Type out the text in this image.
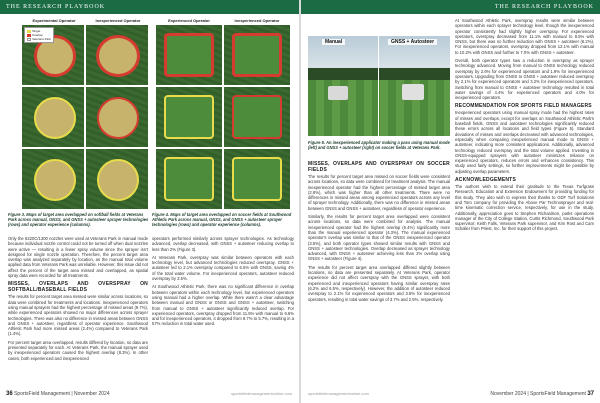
THE RESEARCH PLAYBOOK	THE RESEARCH PLAYBOOK
Experimental Operator	Inexperienced Operator
Target
Overlap
Veterans Park
Figure 3. Maps of target area overlapped on softball fields at Veterans Park across manual, GNSS, and GNSS + autosteer sprayer technologies (rows) and operator experience (columns).
Experienced Operator	Inexperienced Operator
Figure 4. Maps of target area overlapped on soccer fields at Southwood Athletic Park across manual, GNSS, and GNSS + autosteer sprayer technologies (rows) and operator experience (columns).

Only the 6220C/1300 nozzles were used at Veterans Park in manual mode because individual nozzle control could not be turned off when dual nozzles were active — resulting in a fewer spray volume since the sprayer isn't designed for single nozzle operation. Therefore, the percent target area overlap was analyzed separately by location, as the manual total volume applied data from Veterans Park was unreliable. However, this issue did not affect the percent of the target area missed and overlapped, as spatial spray data were recorded for all treatments.

MISSES, OVERLAPS AND OVERSPRAY ON SOFTBALL/BASEBALL FIELDS

The results for percent target area missed were similar across locations, so data were combined for treatments and locations. Inexperienced operators using manual sprayers had the highest percentage of missed areas (9.7%), while experienced operators showed no major differences across sprayer technologies. There was also no difference in missed areas between GNSS and GNSS + autosteer, regardless of operator experience. Southwood Athletic Park had more missed areas (2.4%) compared to Veterans Park (1.4%).

For percent target area overlapped, results differed by location, so data are presented separately for each. At Veterans Park, the manual sprayer used by inexperienced operators caused the highest overlap (8.3%). In other cases, both experienced and inexperienced

operators performed similarly across sprayer technologies. As technology advanced, overlap decreased, with GNSS + autosteer reducing overlap to less than 2% (Figure 3).

At Veterans Park, overspray was similar between operators with each technology level, but advanced technologies reduced overspray. GNSS + autosteer led to 2.1% overspray compared to 6.5% with GNSS, saving 4% of the total water volume. For inexperienced operators, autosteer reduced overspray by 3.5%.

At Southwood Athletic Park, there was no significant difference in overlap between operators within each technology level, but experienced operators using manual had a higher overlap. While there wasn't a clear advantage between manual and GNSS or GNSS and GNSS + autosteer, switching from manual to GNSS + autosteer significantly reduced overlap. For experienced operators, overspray dropped from 11.5% with manual to 6.6% and for inexperienced operators, it dropped from 9.7% to 5.7%, resulting in a 57% reduction in total water used.

36 SportsField Management | November 2024	sportsfieldmanagementonline.com
Manual	GNSS + Autosteer
Figure 5. An inexperienced applicator making a pass using manual mode (left) and GNSS + autosteer (right) on soccer fields at Veterans Park.
MISSES, OVERLAPS AND OVERSPRAY ON SOCCER FIELDS

The results for percent target area missed on soccer fields were consistent across locations, so data were combined for treatment analysis. The manual inexperienced operator had the highest percentage of missed target area (2.8%), which was higher than all other treatments. There were no differences in missed areas among experienced operators across any level of sprayer technology. Additionally, there was no difference in missed areas between GNSS and GNSS + autosteer, regardless of operator experience.

Similarly, the results for percent target area overlapped were consistent across locations, so data were combined for analysis. The manual inexperienced operator had the highest overlap (6.4%) significantly more than the manual experienced operator (4.3%). The manual experienced operator's overlap was similar to that of the GNSS inexperienced operator (3.6%), and both operator types showed similar results with GNSS and GNSS + autosteer technologies. Overlap decreased as sprayer technology advanced, with GNSS + autosteer achieving less than 2% overlap using GNSS + autosteer (Figure 4).

The results for percent target area overlapped differed slightly between locations, so data are presented separately. At Veterans Park, operator experience did not affect overspray with the GNSS sprayer, with both experienced and inexperienced operators having similar overspray rates (6.2% and 6.5%, respectively). However, the addition of autosteer reduced overspray to 2.1% for experienced operators and 3.8% for inexperienced operators, resulting in total water savings of 3.7% and 2.5%, respectively.

At Southwood Athletic Park, overspray results were similar between operators within each sprayer technology level, though the inexperienced operator consistently had slightly higher overspray. For experienced operators, overspray decreased from 11.1% with manual to 8.5% with GNSS, but there was no further reduction with GNSS + autosteer (6.2%). For inexperienced operators, overspray dropped from 12.1% with manual to 10.2% with GNSS and further to 7.0% with GNSS + autosteer.

Overall, both operator types saw a reduction in overspray as sprayer technology advanced. Moving from manual to GNSS technology reduced overspray by 2.6% for experienced operators and 1.9% for inexperienced operators. Upgrading from GNSS to GNSS + autosteer reduced overspray by 2.1% for experienced operators and 3.2% for inexperienced operators. Switching from manual to GNSS + autosteer technology resulted in total water savings of 4.4% for experienced operators and 4.0% for inexperienced operators.

RECOMMENDATION FOR SPORTS FIELD MANAGERS

Inexperienced operators using manual spray mode had the highest rates of misses and overlaps, except for overlaps on Southwood Athletic Park's baseball fields. GNSS and autosteer technologies significantly reduced these errors across all locations and field types (Figure 5). Standard deviations of misses and overlaps decreased with advanced technologies, especially when comparing inexperienced manual mode to GNSS + autosteer, indicating more consistent applications. Additionally, advanced technology reduced overspray and the total volume applied. Investing in GNSS-equipped sprayers with autosteer minimizes reliance on experienced operators, reduces errors and enhances consistency. This study used fairly settings, so further improvements might be possible by adjusting overlap parameters.

ACKNOWLEDGEMENTS

The authors wish to extend their gratitude to the Texas Turfgrass Research, Education and Extension Endowment for providing funding for this study. They also wish to express their thanks to GDF Turf Solutions and Toro company for providing the Above Par Technosprayer and real-time kinematic correction service, respectively, for use in the study. Additionally, appreciation goes to Stephen Richardson, parks operations manager of the City of College Station, Curtis Richmond, Southwood Park supervisor; Keith Falls, Veterans Park supervisor, and Kim Rost and Cam Schaller from Priest, Inc. for their support of this project.

sportsfieldmanagementonline.com	November 2024 | SportsField Management 37
